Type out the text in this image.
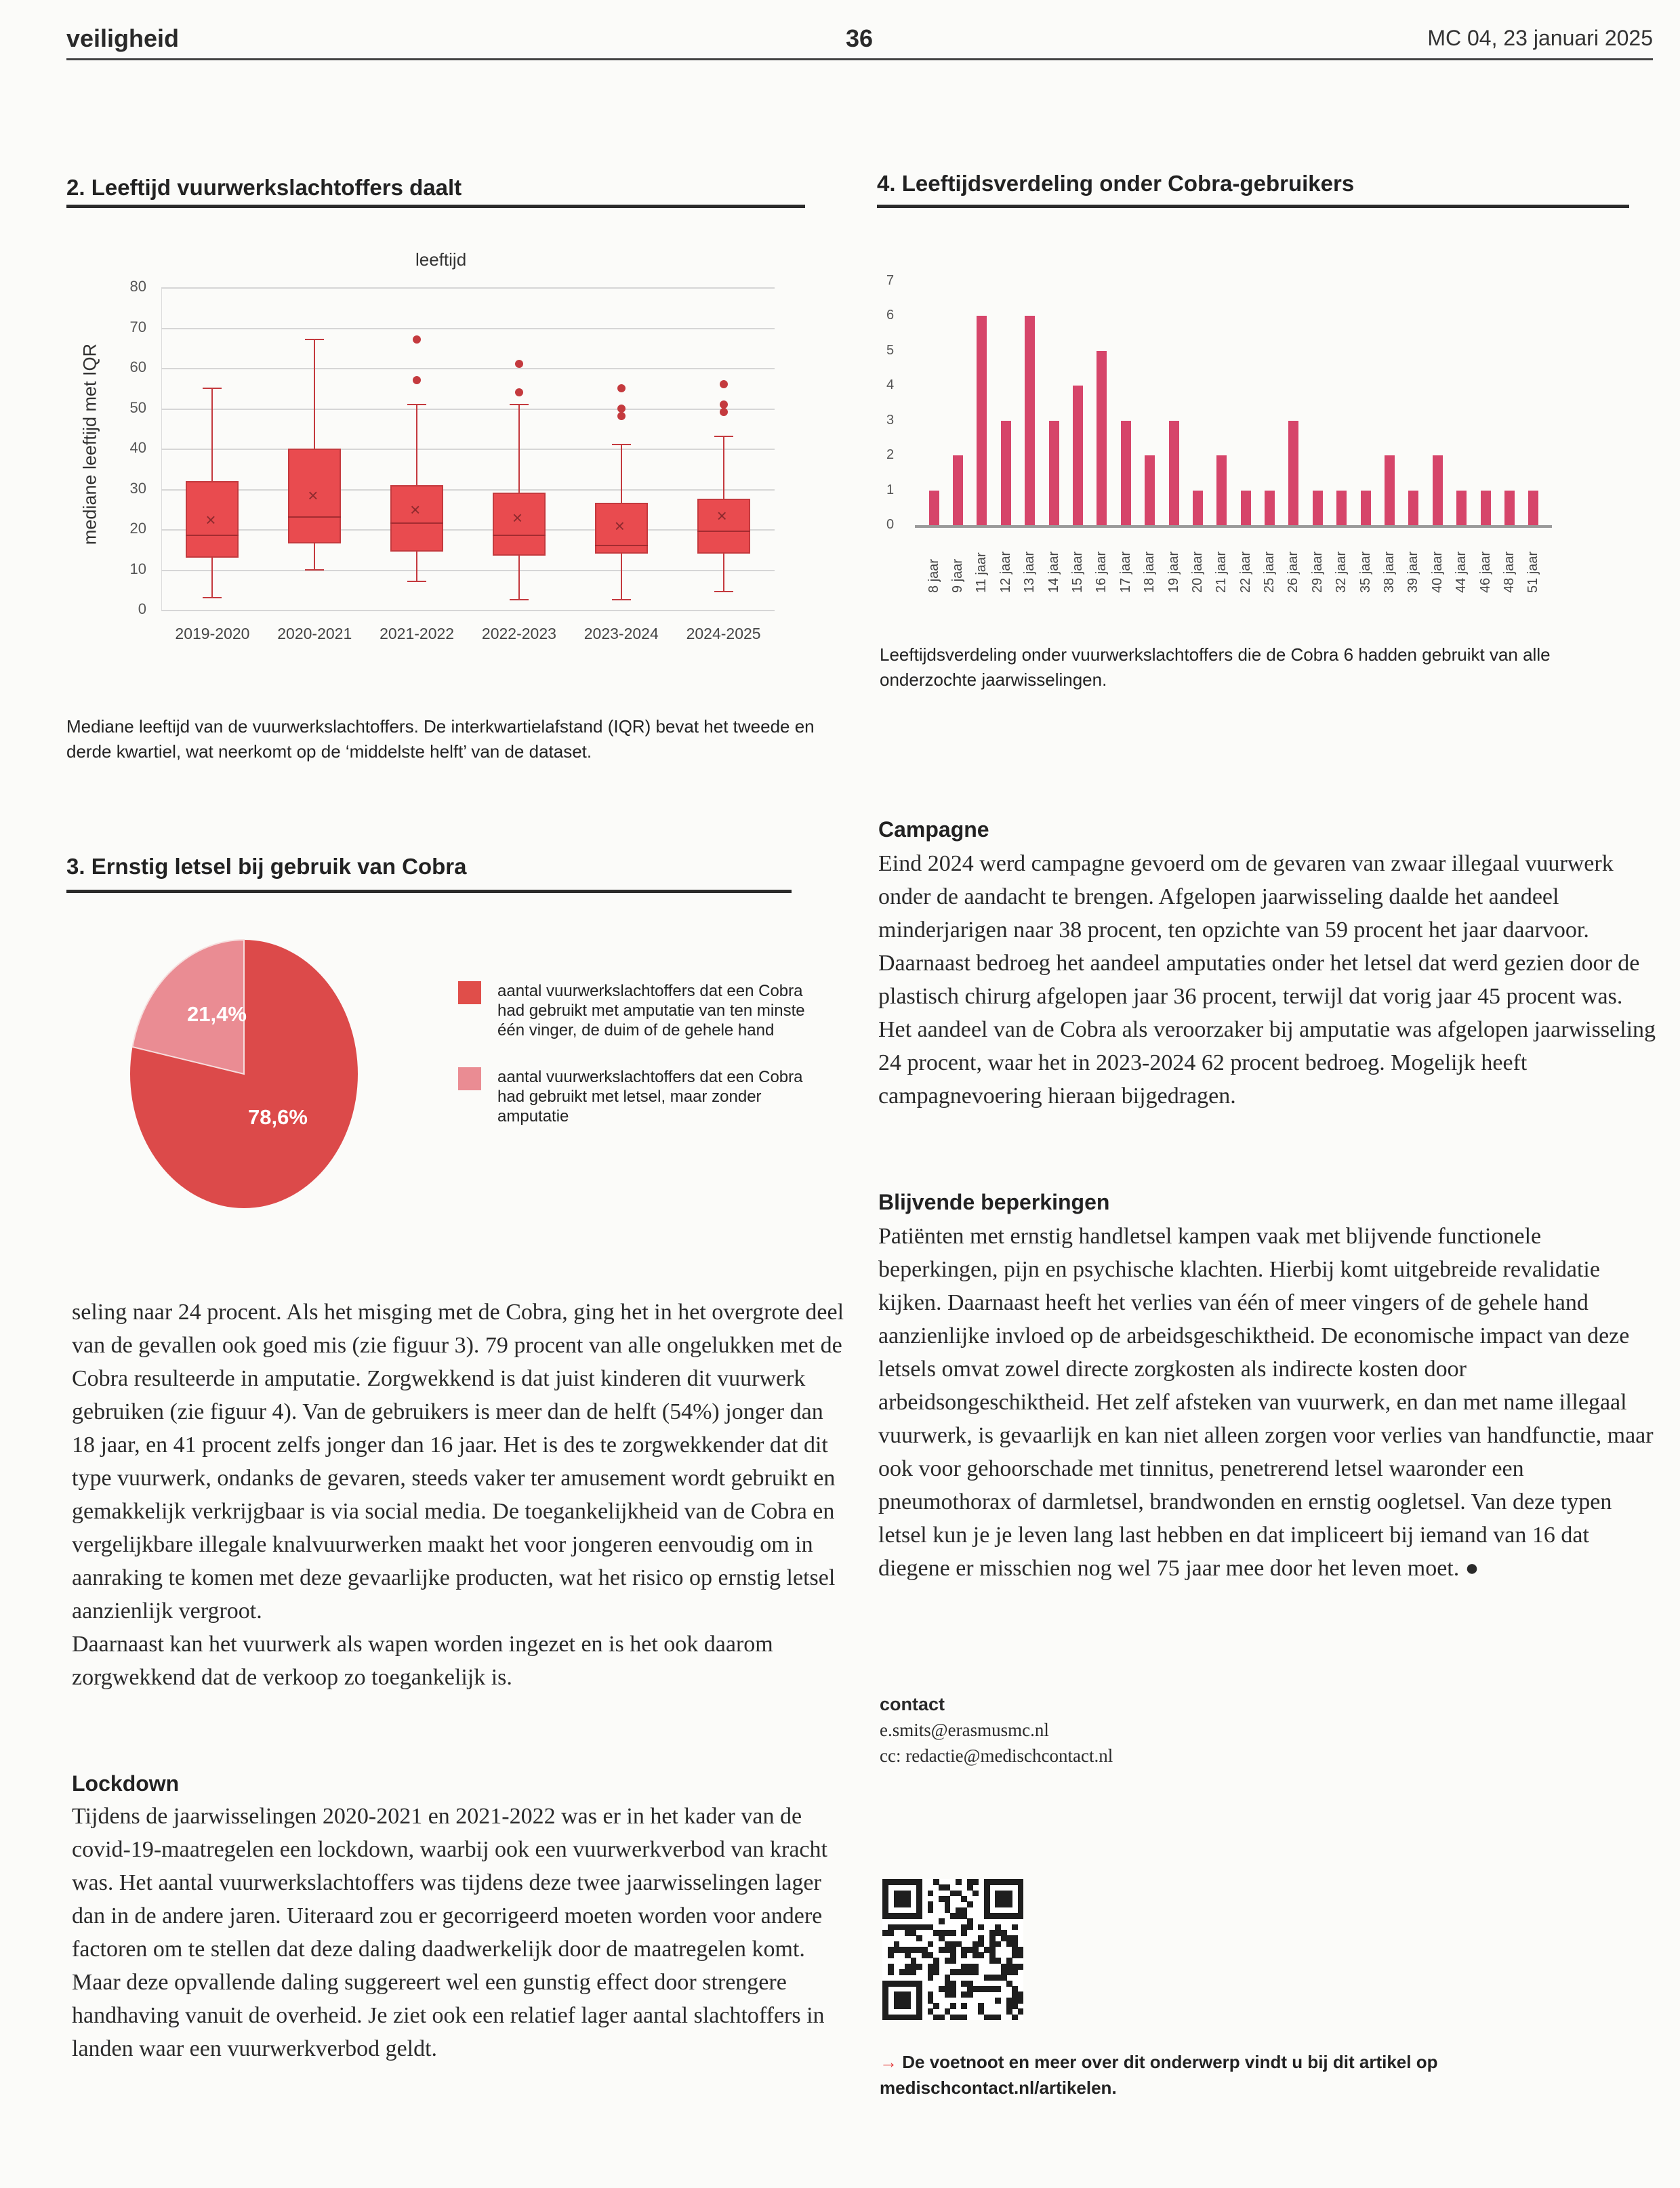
veiligheid	36	MC 04, 23 januari 2025
2. Leeftijd vuurwerkslachtoffers daalt
leeftijd
mediane leeftijd met IQR
0
10
20
30
40
50
60
70
80
×
2019-2020
×
2020-2021
×
2021-2022
×
2022-2023
×
2023-2024
×
2024-2025
Mediane leeftijd van de vuurwerkslachtoffers. De interkwartielafstand (IQR) bevat het tweede en derde kwartiel, wat neerkomt op de ‘middelste helft’ van de dataset.
3. Ernstig letsel bij gebruik van Cobra
21,4%
78,6%
aantal vuurwerkslachtoffers dat een Cobra had gebruikt met amputatie van ten minste één vinger, de duim of de gehele hand
aantal vuurwerkslachtoffers dat een Cobra had gebruikt met letsel, maar zonder amputatie
4. Leeftijdsverdeling onder Cobra-gebruikers
0
1
2
3
4
5
6
7
8 jaar 9 jaar 11 jaar 12 jaar 13 jaar 14 jaar 15 jaar 16 jaar 17 jaar 18 jaar 19 jaar 20 jaar 21 jaar 22 jaar 25 jaar 26 jaar 29 jaar 32 jaar 35 jaar 38 jaar 39 jaar 40 jaar 44 jaar 46 jaar 48 jaar 51 jaar
Leeftijdsverdeling onder vuurwerkslachtoffers die de Cobra 6 hadden gebruikt van alle onderzochte jaarwisselingen.

seling naar 24 procent. Als het misging met de Cobra, ging het in het overgrote deel van de gevallen ook goed mis (zie figuur 3). 79 procent van alle ongelukken met de Cobra resulteerde in amputatie. Zorgwekkend is dat juist kinderen dit vuurwerk gebruiken (zie figuur 4). Van de gebruikers is meer dan de helft (54%) jonger dan 18 jaar, en 41 procent zelfs jonger dan 16 jaar. Het is des te zorgwekkender dat dit type vuurwerk, ondanks de gevaren, steeds vaker ter amusement wordt gebruikt en gemakkelijk verkrijgbaar is via social media. De toegankelijkheid van de Cobra en vergelijkbare illegale knalvuurwerken maakt het voor jongeren eenvoudig om in aanraking te komen met deze gevaarlijke producten, wat het risico op ernstig letsel aanzienlijk vergroot.

Daarnaast kan het vuurwerk als wapen worden ingezet en is het ook daarom zorgwekkend dat de verkoop zo toegankelijk is.

Lockdown
Tijdens de jaarwisselingen 2020-2021 en 2021-2022 was er in het kader van de covid-19-maatregelen een lockdown, waarbij ook een vuurwerkverbod van kracht was. Het aantal vuurwerkslachtoffers was tijdens deze twee jaarwisselingen lager dan in de andere jaren. Uiteraard zou er gecorrigeerd moeten worden voor andere factoren om te stellen dat deze daling daadwerkelijk door de maatregelen komt. Maar deze opvallende daling suggereert wel een gunstig effect door strengere handhaving vanuit de overheid. Je ziet ook een relatief lager aantal slachtoffers in landen waar een vuurwerkverbod geldt.
Campagne
Eind 2024 werd campagne gevoerd om de gevaren van zwaar illegaal vuurwerk onder de aandacht te brengen. Afgelopen jaarwisseling daalde het aandeel minderjarigen naar 38 procent, ten opzichte van 59 procent het jaar daarvoor. Daarnaast bedroeg het aandeel amputaties onder het letsel dat werd gezien door de plastisch chirurg afgelopen jaar 36 procent, terwijl dat vorig jaar 45 procent was. Het aandeel van de Cobra als veroorzaker bij amputatie was afgelopen jaarwisseling 24 procent, waar het in 2023-2024 62 procent bedroeg. Mogelijk heeft campagnevoering hieraan bijgedragen.
Blijvende beperkingen
Patiënten met ernstig handletsel kampen vaak met blijvende functionele beperkingen, pijn en psychische klachten. Hierbij komt uitgebreide revalidatie kijken. Daarnaast heeft het verlies van één of meer vingers of de gehele hand aanzienlijke invloed op de arbeidsgeschiktheid. De economische impact van deze letsels omvat zowel directe zorgkosten als indirecte kosten door arbeidsongeschiktheid. Het zelf afsteken van vuurwerk, en dan met name illegaal vuurwerk, is gevaarlijk en kan niet alleen zorgen voor verlies van handfunctie, maar ook voor gehoorschade met tinnitus, penetrerend letsel waaronder een pneumothorax of darmletsel, brandwonden en ernstig oogletsel. Van deze typen letsel kun je je leven lang last hebben en dat impliceert bij iemand van 16 dat diegene er misschien nog wel 75 jaar mee door het leven moet. ●
contact
e.smits@erasmusmc.nl
cc: redactie@medischcontact.nl
→ De voetnoot en meer over dit onderwerp vindt u bij dit artikel op medischcontact.nl/artikelen.
